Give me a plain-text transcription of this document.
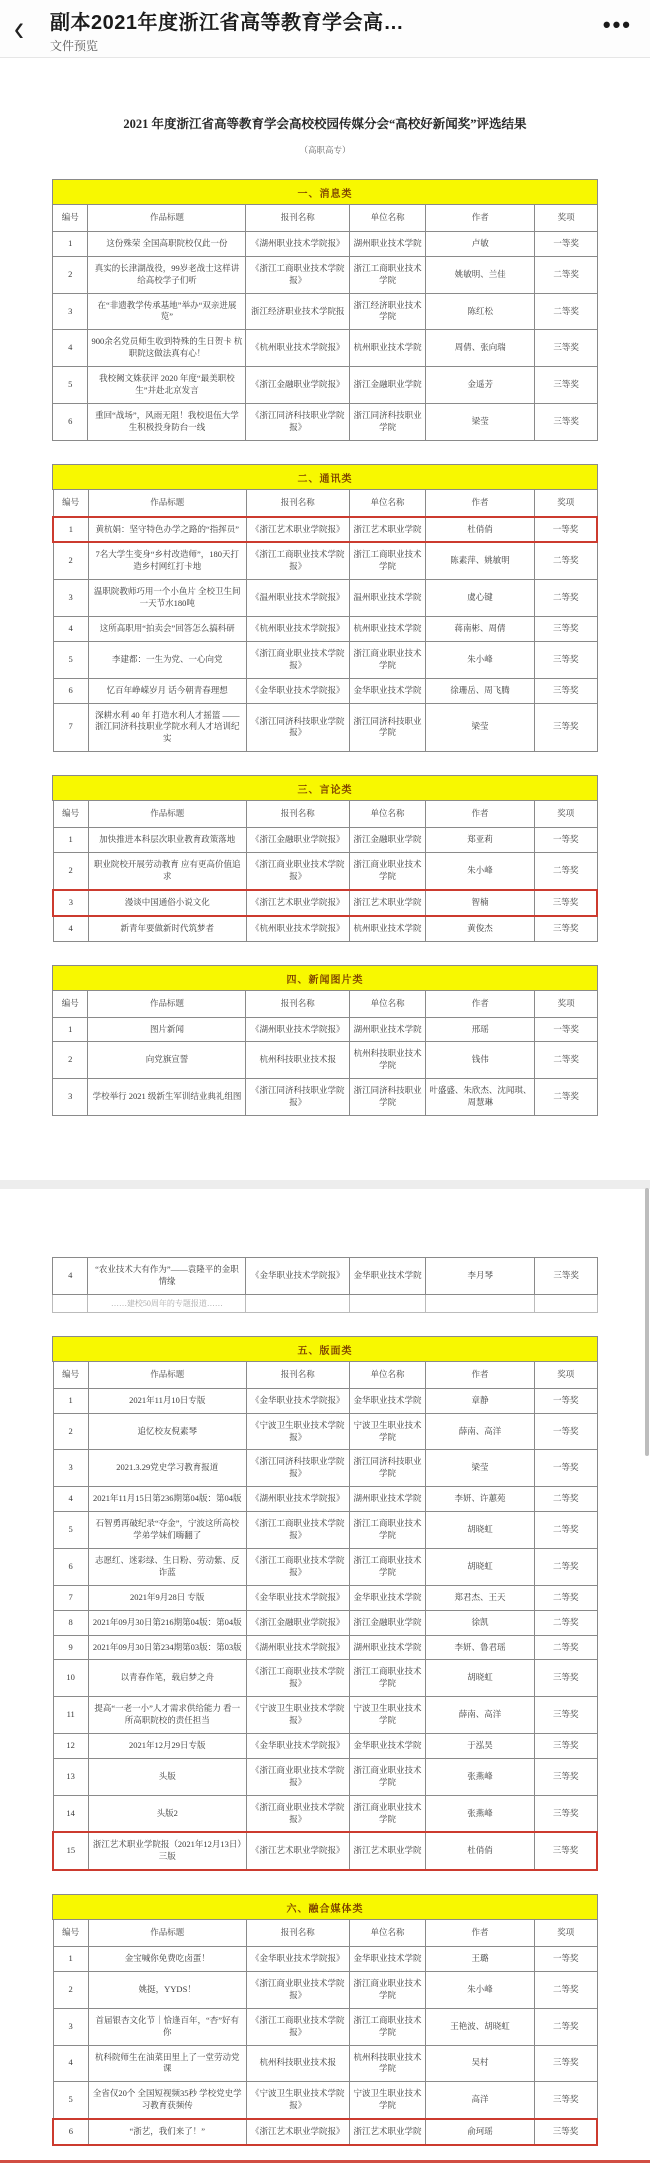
‹	副本2021年度浙江省高等教育学会高…
文件预览
•••
2021 年度浙江省高等教育学会高校校园传媒分会“高校好新闻奖”评选结果
（高职高专）
一、消息类
编号	作品标题	报刊名称	单位名称	作者	奖项
1	这份殊荣 全国高职院校仅此一份	《湖州职业技术学院报》	湖州职业技术学院	卢敏	一等奖
2	真实的长津湖战役，99岁老战士这样讲给高校学子们听	《浙江工商职业技术学院报》	浙江工商职业技术学院	姚敏明、兰佳	二等奖
3	在“非遗教学传承基地”举办“双亲进展览”	浙江经济职业技术学院报	浙江经济职业技术学院	陈红松	二等奖
4	900余名党员师生收到特殊的生日贺卡 杭职院这做法真有心！	《杭州职业技术学院报》	杭州职业技术学院	周倩、张向瑞	三等奖
5	我校阙文姝获评 2020 年度“最美职校生”并赴北京发言	《浙江金融职业学院报》	浙江金融职业学院	金遥芳	三等奖
6	重回“战场”，风雨无阻！我校退伍大学生积极投身防台一线	《浙江同济科技职业学院报》	浙江同济科技职业学院	梁莹	三等奖
二、通讯类
编号	作品标题	报刊名称	单位名称	作者	奖项
1	黄杭娟：坚守特色办学之路的“指挥员”	《浙江艺术职业学院报》	浙江艺术职业学院	杜俏俏	一等奖
2	7名大学生变身“乡村改造师”，180天打造乡村网红打卡地	《浙江工商职业技术学院报》	浙江工商职业技术学院	陈素萍、姚敏明	二等奖
3	温职院教师巧用一个小鱼片 全校卫生间一天节水180吨	《温州职业技术学院报》	温州职业技术学院	虞心键	二等奖
4	这所高职用“拍卖会”回答怎么搞科研	《杭州职业技术学院报》	杭州职业技术学院	蒋南彬、周倩	三等奖
5	李建都：一生为党、一心向党	《浙江商业职业技术学院报》	浙江商业职业技术学院	朱小峰	三等奖
6	忆百年峥嵘岁月 话今朝青春理想	《金华职业技术学院报》	金华职业技术学院	徐珊岳、周飞腾	三等奖
7	深耕水利 40 年 打造水利人才摇篮 ——浙江同济科技职业学院水利人才培训纪实	《浙江同济科技职业学院报》	浙江同济科技职业学院	梁莹	三等奖
三、言论类
编号	作品标题	报刊名称	单位名称	作者	奖项
1	加快推进本科层次职业教育政策落地	《浙江金融职业学院报》	浙江金融职业学院	郑亚莉	一等奖
2	职业院校开展劳动教育 应有更高价值追求	《浙江商业职业技术学院报》	浙江商业职业技术学院	朱小峰	二等奖
3	漫谈中国通俗小说文化	《浙江艺术职业学院报》	浙江艺术职业学院	智楠	三等奖
4	新青年要做新时代筑梦者	《杭州职业技术学院报》	杭州职业技术学院	黄俊杰	三等奖
四、新闻图片类
编号	作品标题	报刊名称	单位名称	作者	奖项
1	图片新闻	《湖州职业技术学院报》	湖州职业技术学院	邢瑶	一等奖
2	向党旗宣誓	杭州科技职业技术报	杭州科技职业技术学院	钱伟	二等奖
3	学校举行 2021 级新生军训结业典礼组图	《浙江同济科技职业学院报》	浙江同济科技职业学院	叶盛盛、朱欣杰、沈闻琪、周慧琳	二等奖
4	“农业技术大有作为”——袁隆平的金职情缘	《金华职业技术学院报》	金华职业技术学院	李月琴	三等奖
	……建校50周年的专题报道……				
五、版面类
编号	作品标题	报刊名称	单位名称	作者	奖项
1	2021年11月10日专版	《金华职业技术学院报》	金华职业技术学院	章静	一等奖
2	追忆校友倪素琴	《宁波卫生职业技术学院报》	宁波卫生职业技术学院	薛南、高洋	一等奖
3	2021.3.29党史学习教育报道	《浙江同济科技职业学院报》	浙江同济科技职业学院	梁莹	一等奖
4	2021年11月15日第236期第04版：第04版	《湖州职业技术学院报》	湖州职业技术学院	李妍、许蕙苑	二等奖
5	石智勇再破纪录“夺金”，宁波这所高校学弟学妹们嗨翻了	《浙江工商职业技术学院报》	浙江工商职业技术学院	胡晓虹	二等奖
6	志愿红、迷彩绿、生日粉、劳动紫、反诈蓝	《浙江工商职业技术学院报》	浙江工商职业技术学院	胡晓虹	二等奖
7	2021年9月28日 专版	《金华职业技术学院报》	金华职业技术学院	郑君杰、王天	二等奖
8	2021年09月30日第216期第04版：第04版	《浙江金融职业学院报》	浙江金融职业学院	徐凯	二等奖
9	2021年09月30日第234期第03版：第03版	《湖州职业技术学院报》	湖州职业技术学院	李妍、鲁君瑶	二等奖
10	以青春作笔，载启梦之舟	《浙江工商职业技术学院报》	浙江工商职业技术学院	胡晓虹	三等奖
11	提高“一老一小”人才需求供给能力 看一所高职院校的责任担当	《宁波卫生职业技术学院报》	宁波卫生职业技术学院	薛南、高洋	三等奖
12	2021年12月29日专版	《金华职业技术学院报》	金华职业技术学院	于泓昊	三等奖
13	头版	《浙江商业职业技术学院报》	浙江商业职业技术学院	张燕峰	三等奖
14	头版2	《浙江商业职业技术学院报》	浙江商业职业技术学院	张燕峰	三等奖
15	浙江艺术职业学院报（2021年12月13日）三版	《浙江艺术职业学院报》	浙江艺术职业学院	杜俏俏	三等奖
六、融合媒体类
编号	作品标题	报刊名称	单位名称	作者	奖项
1	金宝喊你免费吃卤蛋！	《金华职业技术学院报》	金华职业技术学院	王璐	一等奖
2	姚挺，YYDS！	《浙江商业职业技术学院报》	浙江商业职业技术学院	朱小峰	二等奖
3	首届银杏文化节｜恰逢百年，“杏”好有你	《浙江工商职业技术学院报》	浙江工商职业技术学院	王艳波、胡晓虹	二等奖
4	杭科院师生在油菜田里上了一堂劳动党课	杭州科技职业技术报	杭州科技职业技术学院	吴村	三等奖
5	全省仅20个 全国短视频35秒 学校党史学习教育获频传	《宁波卫生职业技术学院报》	宁波卫生职业技术学院	高洋	三等奖
6	“浙艺，我们来了！”	《浙江艺术职业学院报》	浙江艺术职业学院	俞珂瑶	三等奖
